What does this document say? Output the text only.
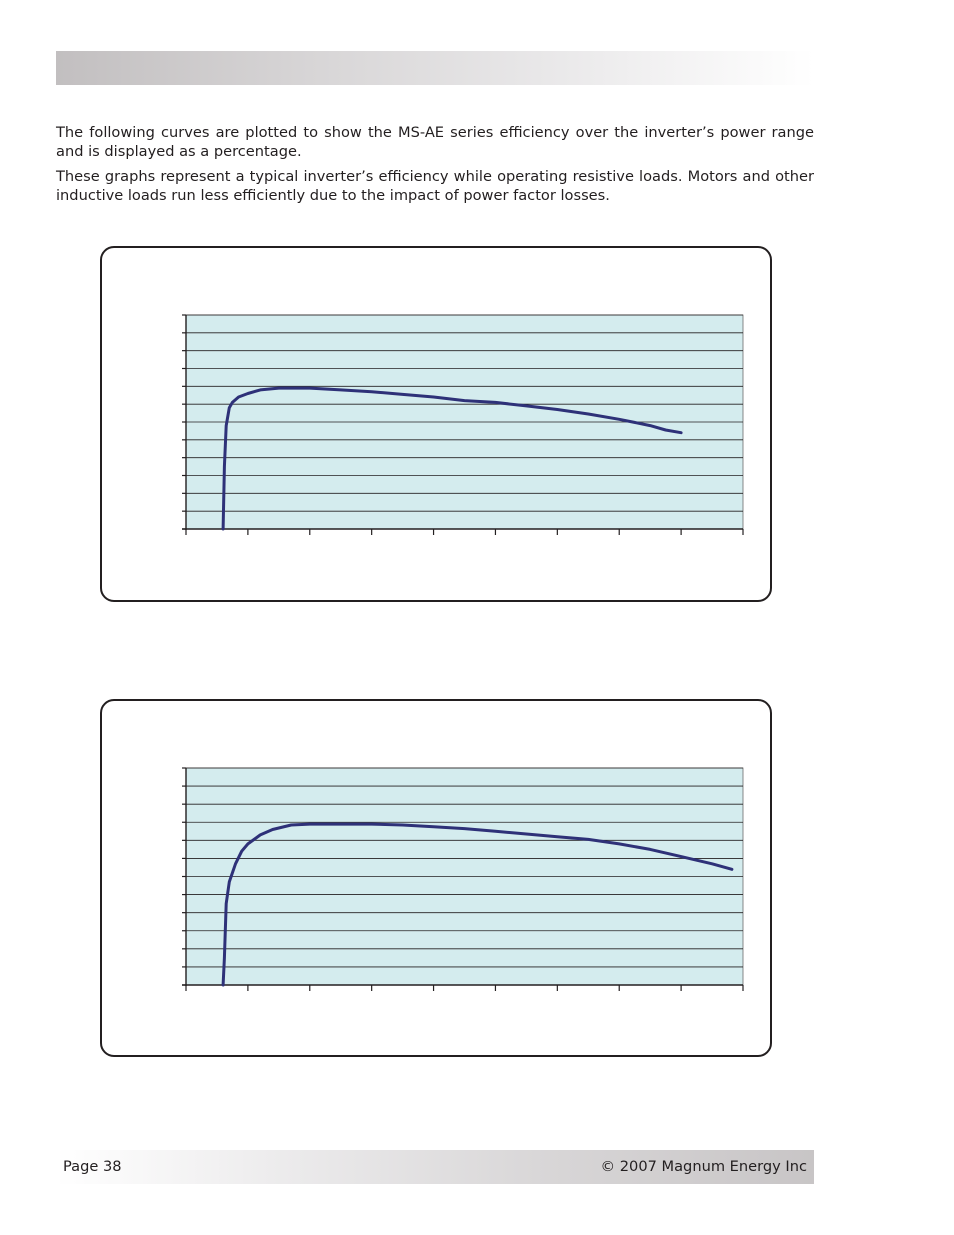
The following curves are plotted to show the MS-AE series efficiency over the inverter’s power range and is displayed as a percentage.

These graphs represent a typical inverter’s efficiency while operating resistive loads. Motors and other inductive loads run less efficiently due to the impact of power factor losses.

Page 38	© 2007 Magnum Energy Inc
